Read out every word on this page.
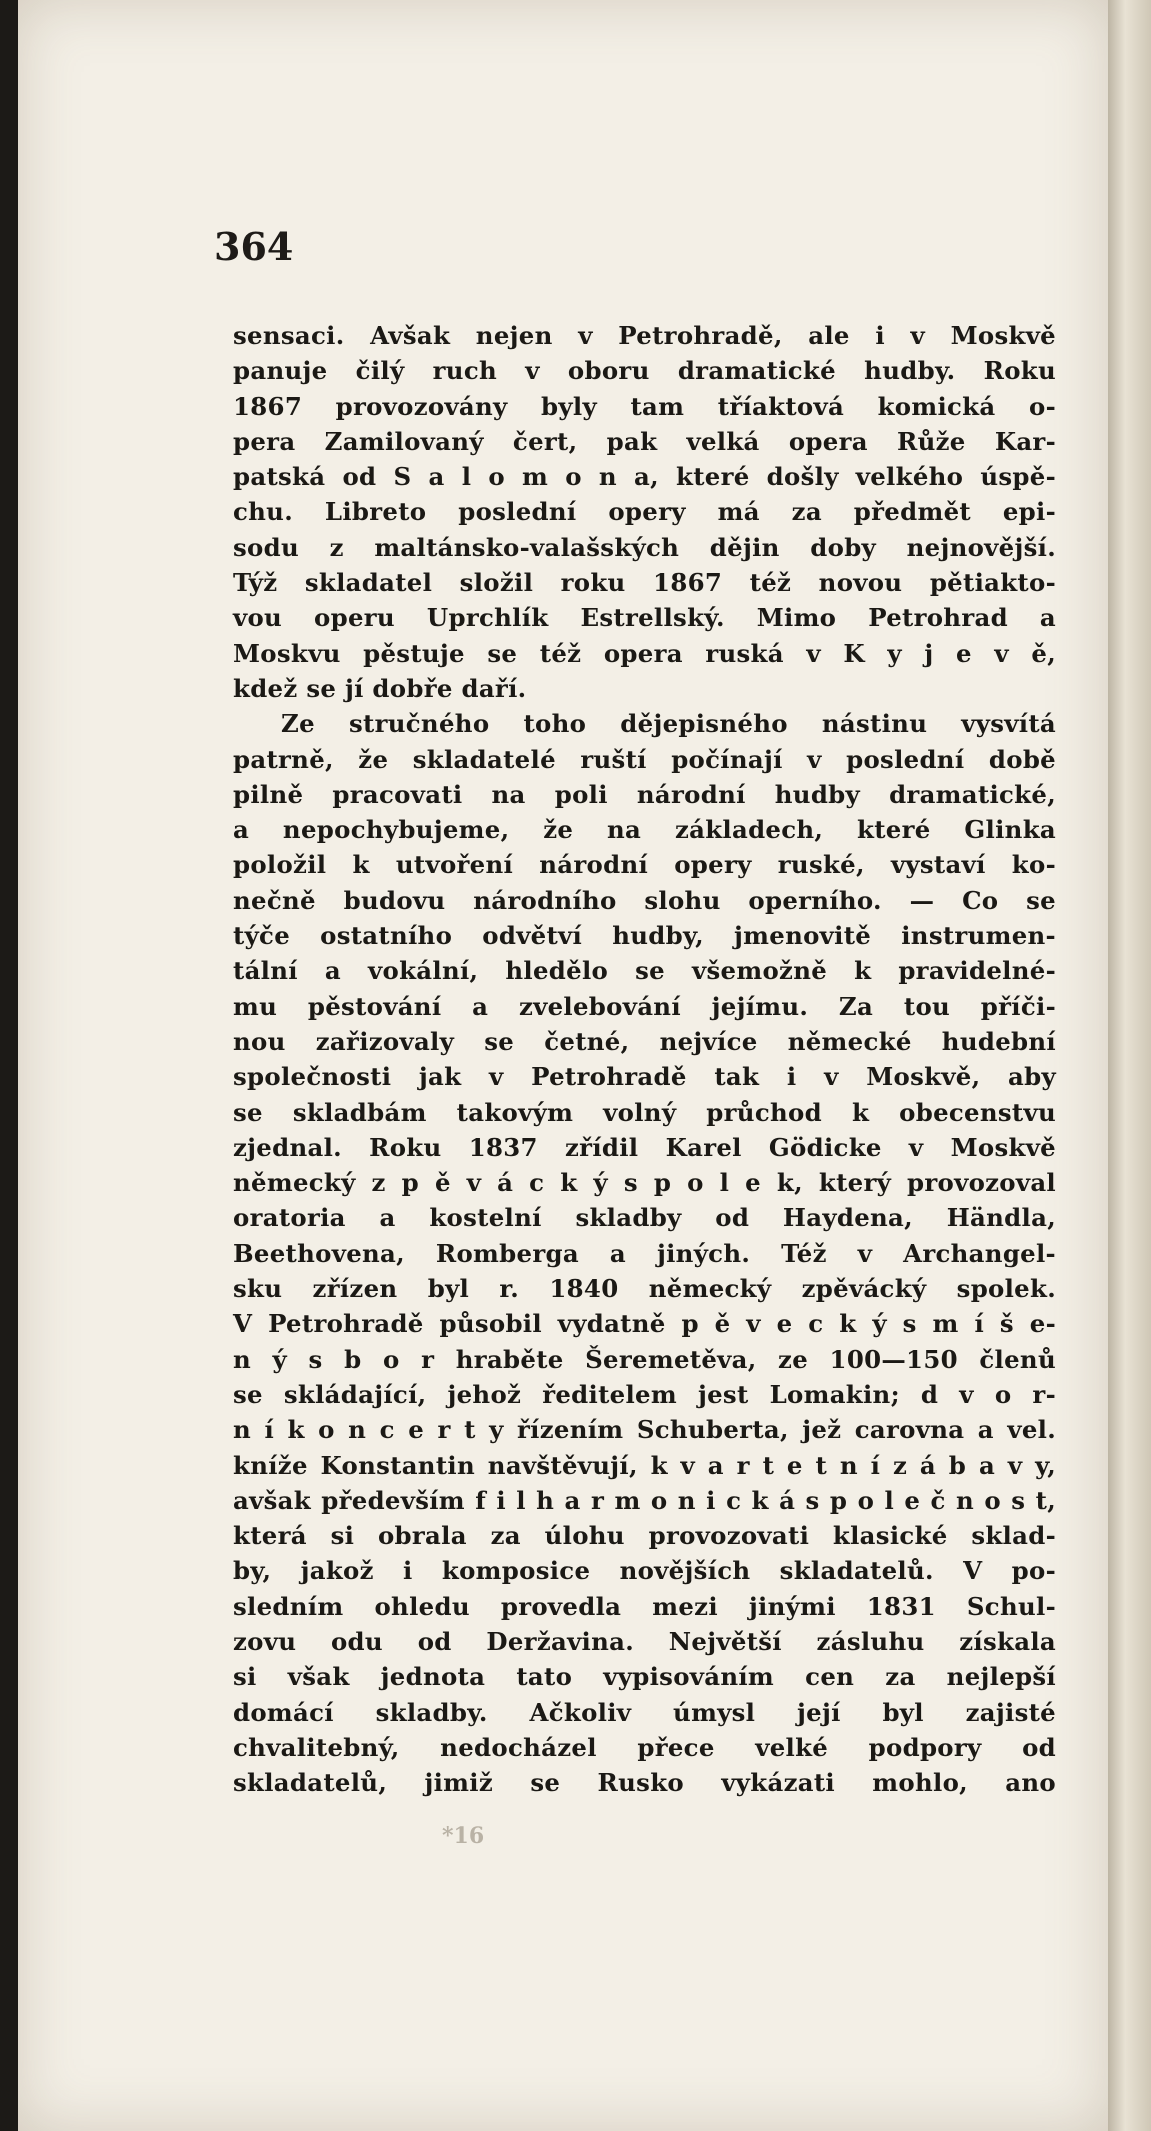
364
sensaci. Avšak nejen v Petrohradě, ale i v Moskvě
panuje čilý ruch v oboru dramatické hudby. Roku
1867 provozovány byly tam tříaktová komická o-
pera Zamilovaný čert, pak velká opera Růže Kar-
patská od S a l o m o n a, které došly velkého úspě-
chu. Libreto poslední opery má za předmět epi-
sodu z maltánsko-valašských dějin doby nejnovější.
Týž skladatel složil roku 1867 též novou pětiakto-
vou operu Uprchlík Estrellský. Mimo Petrohrad a
Moskvu pěstuje se též opera ruská v K y j e v ě,
kdež se jí dobře daří.
Ze stručného toho dějepisného nástinu vysvítá
patrně, že skladatelé ruští počínají v poslední době
pilně pracovati na poli národní hudby dramatické,
a nepochybujeme, že na základech, které Glinka
položil k utvoření národní opery ruské, vystaví ko-
nečně budovu národního slohu operního. — Co se
týče ostatního odvětví hudby, jmenovitě instrumen-
tální a vokální, hledělo se všemožně k pravidelné-
mu pěstování a zvelebování jejímu. Za tou příči-
nou zařizovaly se četné, nejvíce německé hudební
společnosti jak v Petrohradě tak i v Moskvě, aby
se skladbám takovým volný průchod k obecenstvu
zjednal. Roku 1837 zřídil Karel Gödicke v Moskvě
německý z p ě v á c k ý s p o l e k, který provozoval
oratoria a kostelní skladby od Haydena, Händla,
Beethovena, Romberga a jiných. Též v Archangel-
sku zřízen byl r. 1840 německý zpěvácký spolek.
V Petrohradě působil vydatně p ě v e c k ý s m í š e-
n ý s b o r hraběte Šeremetěva, ze 100—150 členů
se skládající, jehož ředitelem jest Lomakin; d v o r-
n í k o n c e r t y řízením Schuberta, jež carovna a vel.
kníže Konstantin navštěvují, k v a r t e t n í z á b a v y,
avšak především f i l h a r m o n i c k á s p o l e č n o s t,
která si obrala za úlohu provozovati klasické sklad-
by, jakož i komposice novějších skladatelů. V po-
sledním ohledu provedla mezi jinými 1831 Schul-
zovu odu od Deržavina. Největší zásluhu získala
si však jednota tato vypisováním cen za nejlepší
domácí skladby. Ačkoliv úmysl její byl zajisté
chvalitebný, nedocházel přece velké podpory od
skladatelů, jimiž se Rusko vykázati mohlo, ano
*16
